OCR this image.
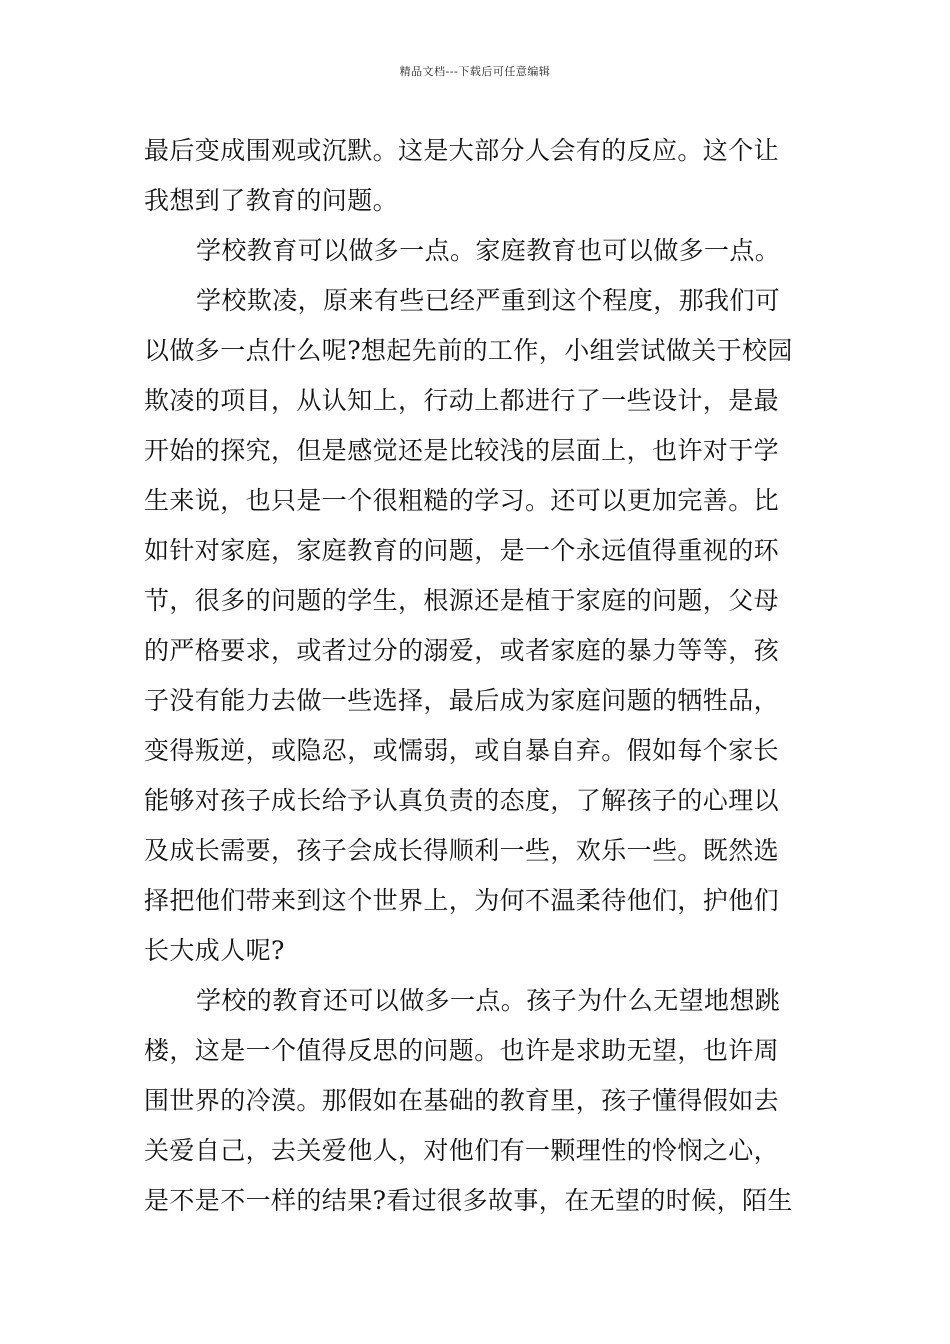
精品文档---下载后可任意编辑
最后变成围观或沉默。这是大部分人会有的反应。这个让
我想到了教育的问题。
学校教育可以做多一点。家庭教育也可以做多一点。
学校欺凌，原来有些已经严重到这个程度，那我们可
以做多一点什么呢?想起先前的工作，小组尝试做关于校园
欺凌的项目，从认知上，行动上都进行了一些设计，是最
开始的探究，但是感觉还是比较浅的层面上，也许对于学
生来说，也只是一个很粗糙的学习。还可以更加完善。比
如针对家庭，家庭教育的问题，是一个永远值得重视的环
节，很多的问题的学生，根源还是植于家庭的问题，父母
的严格要求，或者过分的溺爱，或者家庭的暴力等等，孩
子没有能力去做一些选择，最后成为家庭问题的牺牲品，
变得叛逆，或隐忍，或懦弱，或自暴自弃。假如每个家长
能够对孩子成长给予认真负责的态度，了解孩子的心理以
及成长需要，孩子会成长得顺利一些，欢乐一些。既然选
择把他们带来到这个世界上，为何不温柔待他们，护他们
长大成人呢?
学校的教育还可以做多一点。孩子为什么无望地想跳
楼，这是一个值得反思的问题。也许是求助无望，也许周
围世界的冷漠。那假如在基础的教育里，孩子懂得假如去
关爱自己，去关爱他人，对他们有一颗理性的怜悯之心，
是不是不一样的结果?看过很多故事，在无望的时候，陌生
